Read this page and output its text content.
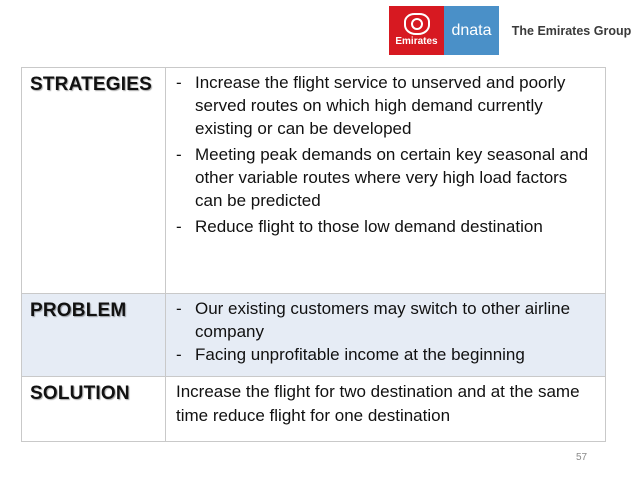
Emirates
dnata	The Emirates Group
STRATEGIES	- Increase the flight service to unserved and poorly served routes on which high demand currently existing or can be developed
- Meeting peak demands on certain key seasonal and other variable routes where very high load factors can be predicted
- Reduce flight to those low demand destination

PROBLEM	- Our existing customers may switch to other airline company
- Facing unprofitable income at the beginning

SOLUTION	Increase the flight for two destination and at the same time reduce flight for one destination
57
